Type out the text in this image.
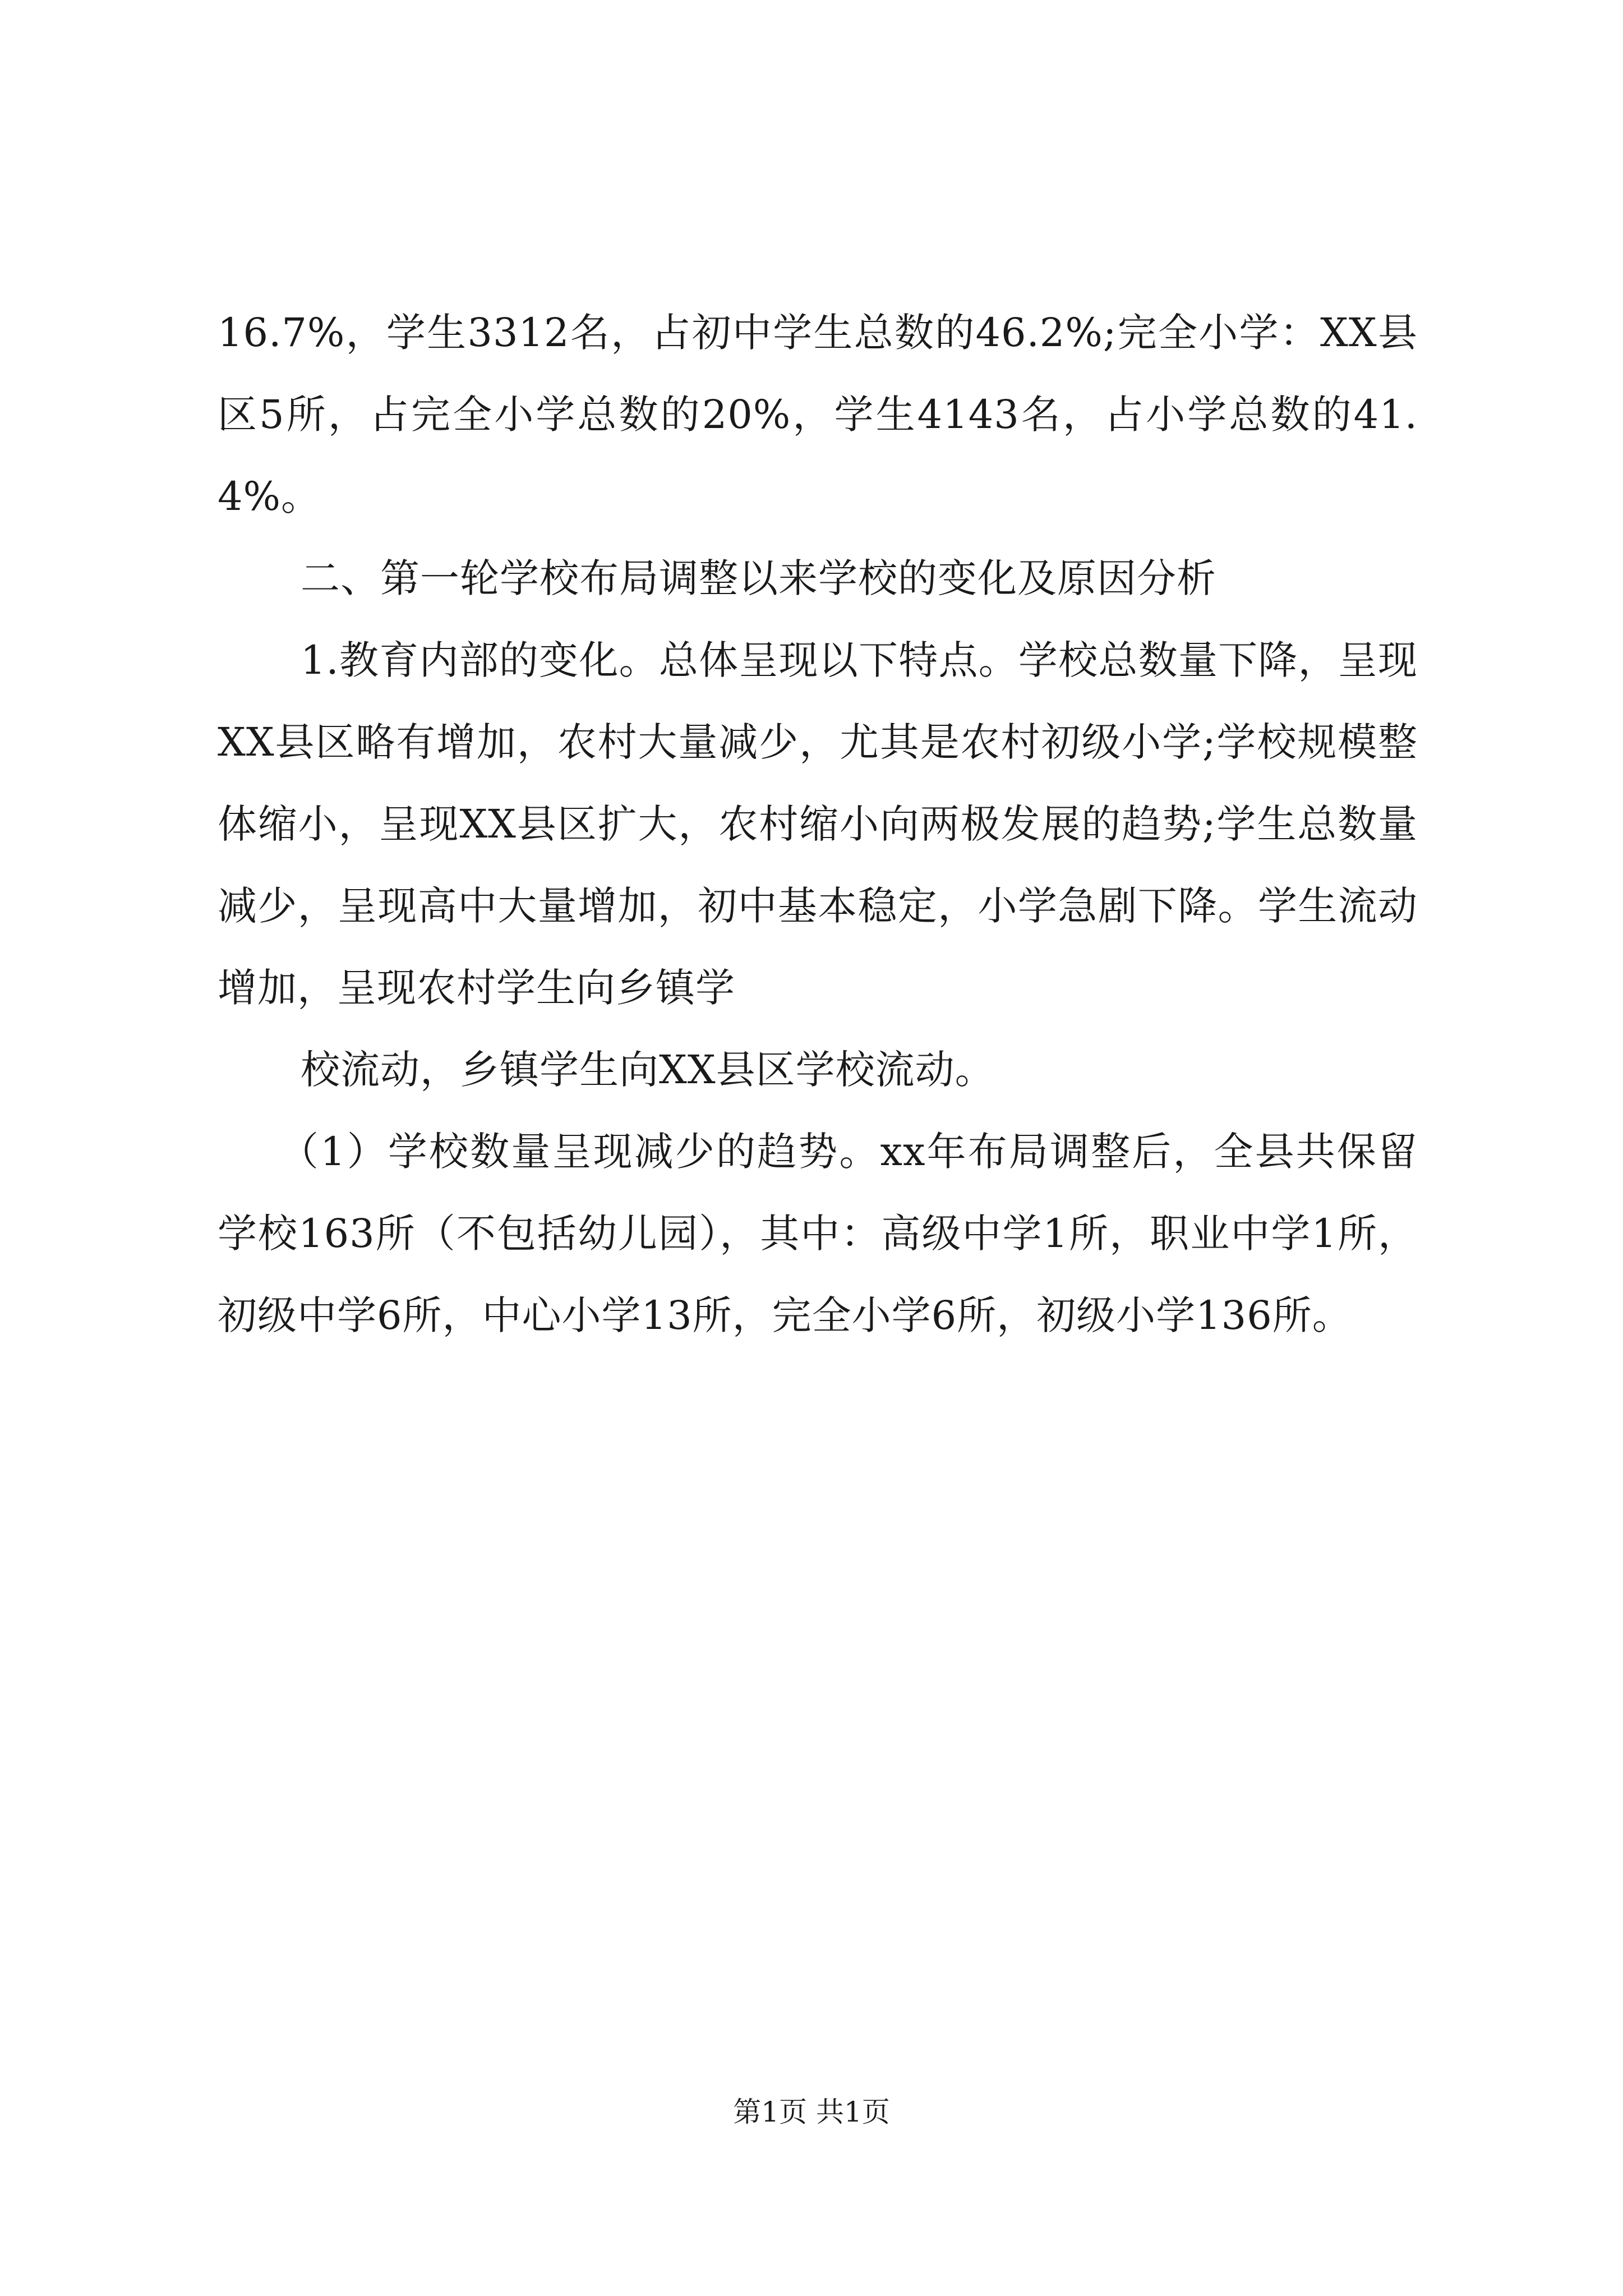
16.7%，学生3312名，占初中学生总数的46.2%;完全小学：XX县区5所，占完全小学总数的20%，学生4143名，占小学总数的41.4%。

二、第一轮学校布局调整以来学校的变化及原因分析

1.教育内部的变化。总体呈现以下特点。学校总数量下降，呈现XX县区略有增加，农村大量减少，尤其是农村初级小学;学校规模整体缩小，呈现XX县区扩大，农村缩小向两极发展的趋势;学生总数量减少，呈现高中大量增加，初中基本稳定，小学急剧下降。学生流动增加，呈现农村学生向乡镇学

校流动，乡镇学生向XX县区学校流动。

（1）学校数量呈现减少的趋势。xx年布局调整后，全县共保留学校163所（不包括幼儿园），其中：高级中学1所，职业中学1所，初级中学6所，中心小学13所，完全小学6所，初级小学136所。

第1页 共1页
